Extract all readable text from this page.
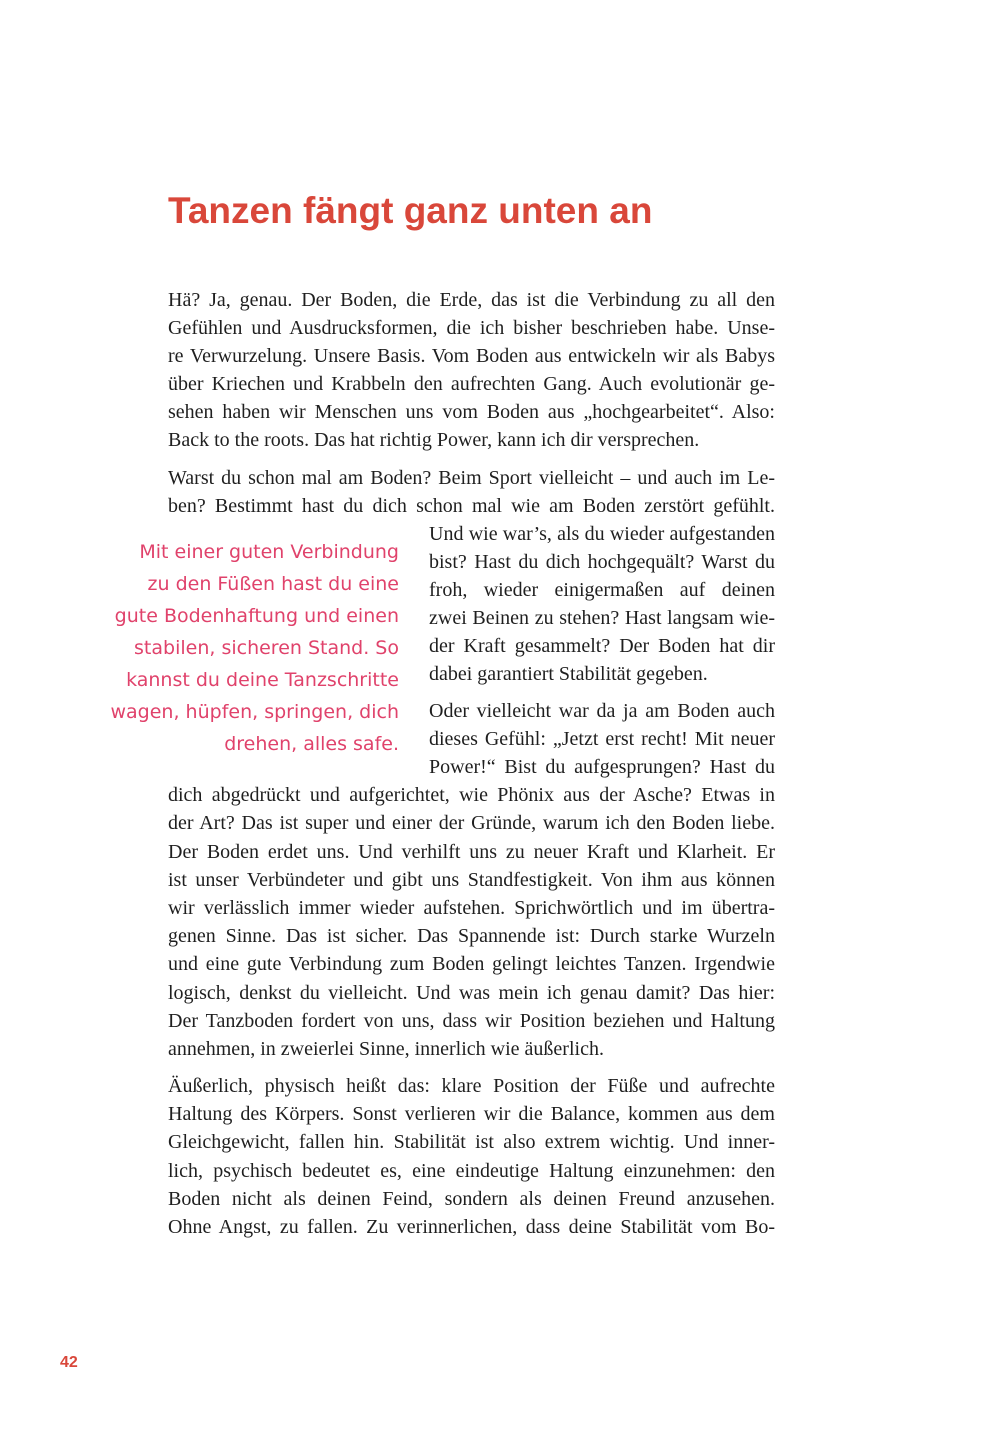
Tanzen fängt ganz unten an
Hä? Ja, genau. Der Boden, die Erde, das ist die Verbindung zu all den
Gefühlen und Ausdrucksformen, die ich bisher beschrieben habe. Unse-
re Verwurzelung. Unsere Basis. Vom Boden aus entwickeln wir als Babys
über Kriechen und Krabbeln den aufrechten Gang. Auch evolutionär ge-
sehen haben wir Menschen uns vom Boden aus „hochgearbeitet“. Also:
Back to the roots. Das hat richtig Power, kann ich dir versprechen.
Warst du schon mal am Boden? Beim Sport vielleicht – und auch im Le-
ben? Bestimmt hast du dich schon mal wie am Boden zerstört gefühlt.
Und wie war’s, als du wieder aufgestanden
bist? Hast du dich hochgequält? Warst du
froh, wieder einigermaßen auf deinen
zwei Beinen zu stehen? Hast langsam wie-
der Kraft gesammelt? Der Boden hat dir
dabei garantiert Stabilität gegeben.
Oder vielleicht war da ja am Boden auch
dieses Gefühl: „Jetzt erst recht! Mit neuer
Power!“ Bist du aufgesprungen? Hast du
dich abgedrückt und aufgerichtet, wie Phönix aus der Asche? Etwas in
der Art? Das ist super und einer der Gründe, warum ich den Boden liebe.
Der Boden erdet uns. Und verhilft uns zu neuer Kraft und Klarheit. Er
ist unser Verbündeter und gibt uns Standfestigkeit. Von ihm aus können
wir verlässlich immer wieder aufstehen. Sprichwörtlich und im übertra-
genen Sinne. Das ist sicher. Das Spannende ist: Durch starke Wurzeln
und eine gute Verbindung zum Boden gelingt leichtes Tanzen. Irgendwie
logisch, denkst du vielleicht. Und was mein ich genau damit? Das hier:
Der Tanzboden fordert von uns, dass wir Position beziehen und Haltung
annehmen, in zweierlei Sinne, innerlich wie äußerlich.
Äußerlich, physisch heißt das: klare Position der Füße und aufrechte
Haltung des Körpers. Sonst verlieren wir die Balance, kommen aus dem
Gleichgewicht, fallen hin. Stabilität ist also extrem wichtig. Und inner-
lich, psychisch bedeutet es, eine eindeutige Haltung einzunehmen: den
Boden nicht als deinen Feind, sondern als deinen Freund anzusehen.
Ohne Angst, zu fallen. Zu verinnerlichen, dass deine Stabilität vom Bo-
Mit einer guten Verbindung
zu den Füßen hast du eine
gute Bodenhaftung und einen
stabilen, sicheren Stand. So
kannst du deine Tanzschritte
wagen, hüpfen, springen, dich
drehen, alles safe.
42
